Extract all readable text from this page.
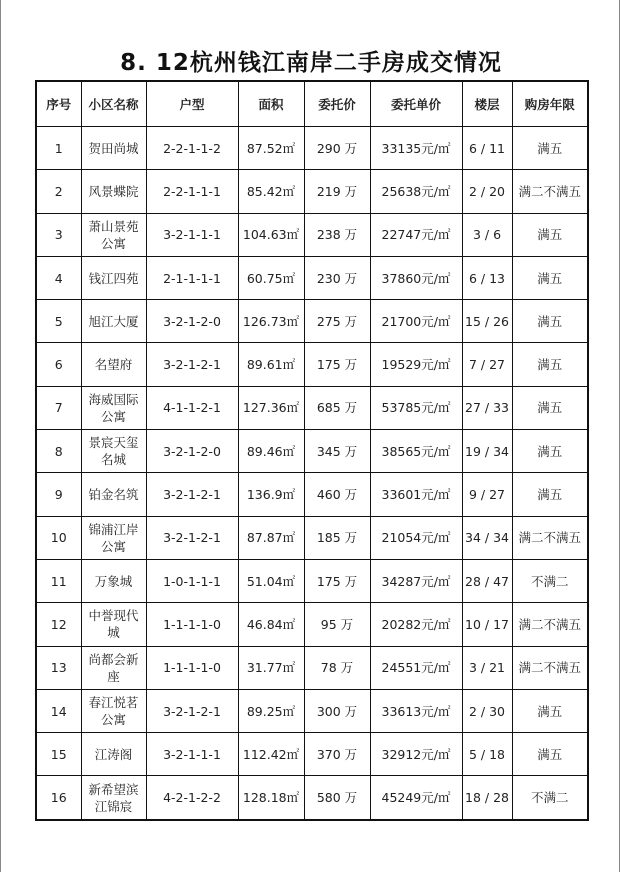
8. 12杭州钱江南岸二手房成交情况
序号	小区名称	户型	面积	委托价	委托单价	楼层	购房年限
1	贺田尚城	2-2-1-1-2	87.52㎡	290 万	33135元/㎡	6 / 11	满五
2	风景蝶院	2-2-1-1-1	85.42㎡	219 万	25638元/㎡	2 / 20	满二不满五
3	萧山景苑公寓	3-2-1-1-1	104.63㎡	238 万	22747元/㎡	3 / 6	满五
4	钱江四苑	2-1-1-1-1	60.75㎡	230 万	37860元/㎡	6 / 13	满五
5	旭江大厦	3-2-1-2-0	126.73㎡	275 万	21700元/㎡	15 / 26	满五
6	名望府	3-2-1-2-1	89.61㎡	175 万	19529元/㎡	7 / 27	满五
7	海威国际公寓	4-1-1-2-1	127.36㎡	685 万	53785元/㎡	27 / 33	满五
8	景宸天玺名城	3-2-1-2-0	89.46㎡	345 万	38565元/㎡	19 / 34	满五
9	铂金名筑	3-2-1-2-1	136.9㎡	460 万	33601元/㎡	9 / 27	满五
10	锦浦江岸公寓	3-2-1-2-1	87.87㎡	185 万	21054元/㎡	34 / 34	满二不满五
11	万象城	1-0-1-1-1	51.04㎡	175 万	34287元/㎡	28 / 47	不满二
12	中誉现代城	1-1-1-1-0	46.84㎡	95 万	20282元/㎡	10 / 17	满二不满五
13	尚都会新座	1-1-1-1-0	31.77㎡	78 万	24551元/㎡	3 / 21	满二不满五
14	春江悦茗公寓	3-2-1-2-1	89.25㎡	300 万	33613元/㎡	2 / 30	满五
15	江涛阁	3-2-1-1-1	112.42㎡	370 万	32912元/㎡	5 / 18	满五
16	新希望滨江锦宸	4-2-1-2-2	128.18㎡	580 万	45249元/㎡	18 / 28	不满二
